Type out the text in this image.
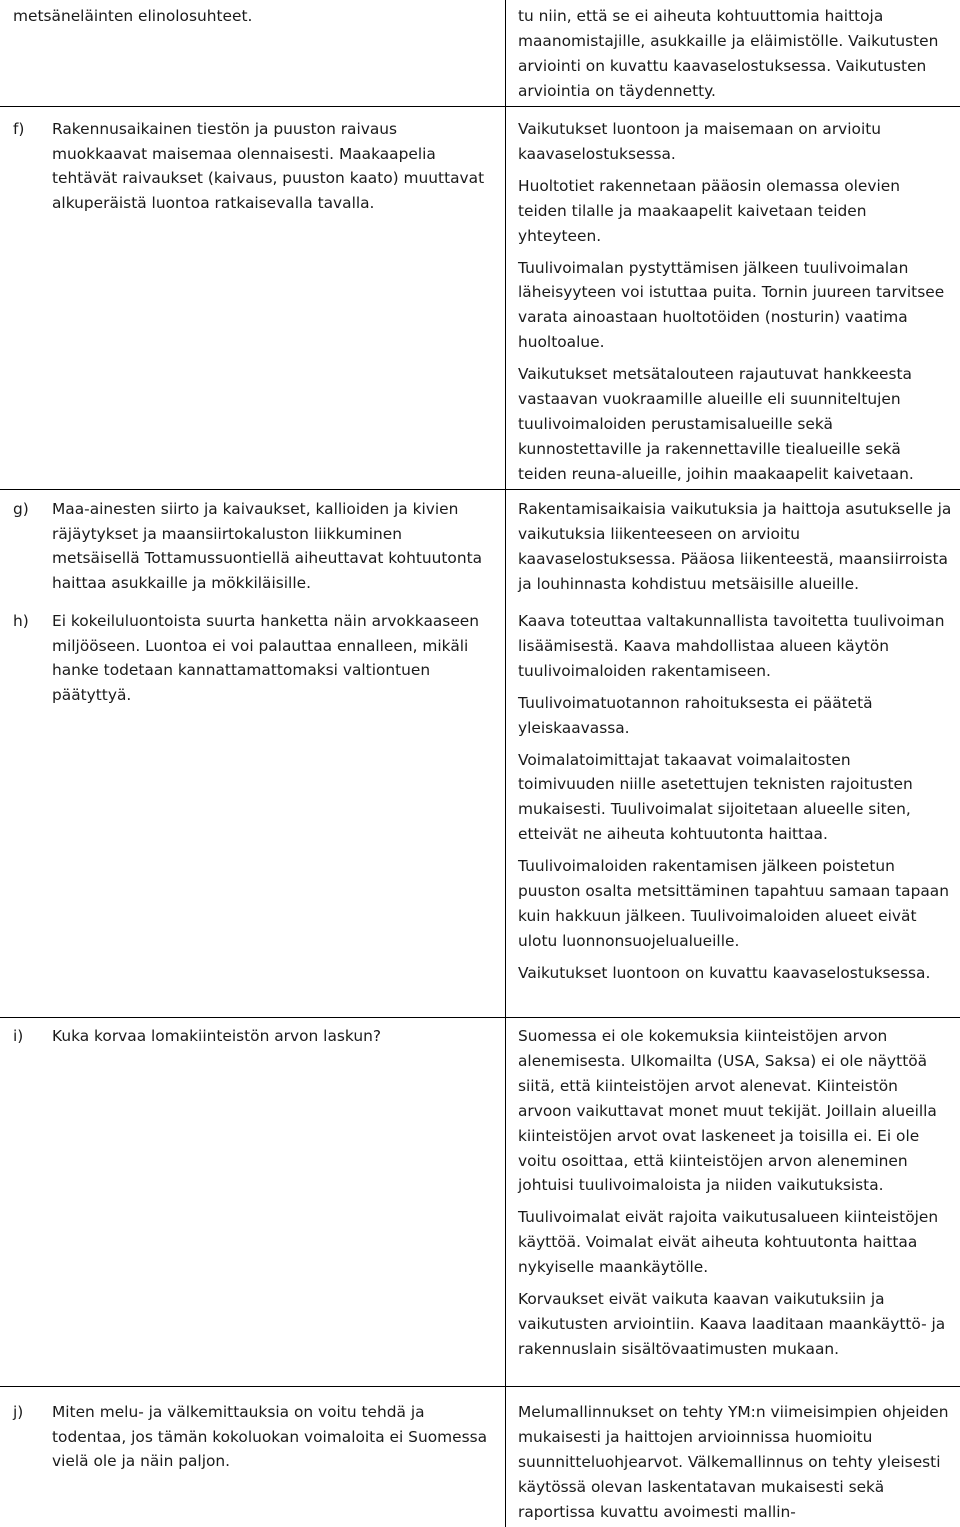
metsäneläinten elinolosuhteet.	tu niin, että se ei aiheuta kohtuuttomia haittoja maanomistajille, asukkaille ja eläimistölle. Vaikutusten arviointi on kuvattu kaavaselostuksessa. Vaikutusten arviointia on täydennetty.

f) Rakennusaikainen tiestön ja puuston raivaus muokkaavat maisemaa olennaisesti. Maakaapelia tehtävät raivaukset (kaivaus, puuston kaato) muuttavat alkuperäistä luontoa ratkaisevalla tavalla.

Vaikutukset luontoon ja maisemaan on arvioitu kaavaselostuksessa.

Huoltotiet rakennetaan pääosin olemassa olevien teiden tilalle ja maakaapelit kaivetaan teiden yhteyteen.

Tuulivoimalan pystyttämisen jälkeen tuulivoimalan läheisyyteen voi istuttaa puita. Tornin juureen tarvitsee varata ainoastaan huoltotöiden (nosturin) vaatima huoltoalue.

Vaikutukset metsätalouteen rajautuvat hankkeesta vastaavan vuokraamille alueille eli suunniteltujen tuulivoimaloiden perustamisalueille sekä kunnostettaville ja rakennettaville tiealueille sekä teiden reuna-alueille, joihin maakaapelit kaivetaan.

g) Maa-ainesten siirto ja kaivaukset, kallioiden ja kivien räjäytykset ja maansiirtokaluston liikkuminen metsäisellä Tottamussuontiellä aiheuttavat kohtuutonta haittaa asukkaille ja mökkiläisille.
h) Ei kokeiluluontoista suurta hanketta näin arvokkaaseen miljööseen. Luontoa ei voi palauttaa ennalleen, mikäli hanke todetaan kannattamattomaksi valtiontuen päätyttyä.

Rakentamisaikaisia vaikutuksia ja haittoja asutukselle ja vaikutuksia liikenteeseen on arvioitu kaavaselostuksessa. Pääosa liikenteestä, maansiirroista ja louhinnasta kohdistuu metsäisille alueille.

Kaava toteuttaa valtakunnallista tavoitetta tuulivoiman lisäämisestä. Kaava mahdollistaa alueen käytön tuulivoimaloiden rakentamiseen.

Tuulivoimatuotannon rahoituksesta ei päätetä yleiskaavassa.

Voimalatoimittajat takaavat voimalaitosten toimivuuden niille asetettujen teknisten rajoitusten mukaisesti. Tuulivoimalat sijoitetaan alueelle siten, etteivät ne aiheuta kohtuutonta haittaa.

Tuulivoimaloiden rakentamisen jälkeen poistetun puuston osalta metsittäminen tapahtuu samaan tapaan kuin hakkuun jälkeen. Tuulivoimaloiden alueet eivät ulotu luonnonsuojelualueille.

Vaikutukset luontoon on kuvattu kaavaselostuksessa.

i) Kuka korvaa lomakiinteistön arvon laskun?	Suomessa ei ole kokemuksia kiinteistöjen arvon alenemisesta. Ulkomailta (USA, Saksa) ei ole näyttöä siitä, että kiinteistöjen arvot alenevat. Kiinteistön arvoon vaikuttavat monet muut tekijät. Joillain alueilla kiinteistöjen arvot ovat laskeneet ja toisilla ei. Ei ole voitu osoittaa, että kiinteistöjen arvon aleneminen johtuisi tuulivoimaloista ja niiden vaikutuksista.

Tuulivoimalat eivät rajoita vaikutusalueen kiinteistöjen käyttöä. Voimalat eivät aiheuta kohtuutonta haittaa nykyiselle maankäytölle.

Korvaukset eivät vaikuta kaavan vaikutuksiin ja vaikutusten arviointiin. Kaava laaditaan maankäyttö- ja rakennuslain sisältövaatimusten mukaan.

j) Miten melu- ja välkemittauksia on voitu tehdä ja todentaa, jos tämän kokoluokan voimaloita ei Suomessa vielä ole ja näin paljon.

Melumallinnukset on tehty YM:n viimeisimpien ohjeiden mukaisesti ja haittojen arvioinnissa huomioitu suunnitteluohjearvot. Välkemallinnus on tehty yleisesti käytössä olevan laskentatavan mukaisesti sekä raportissa kuvattu avoimesti mallin-
